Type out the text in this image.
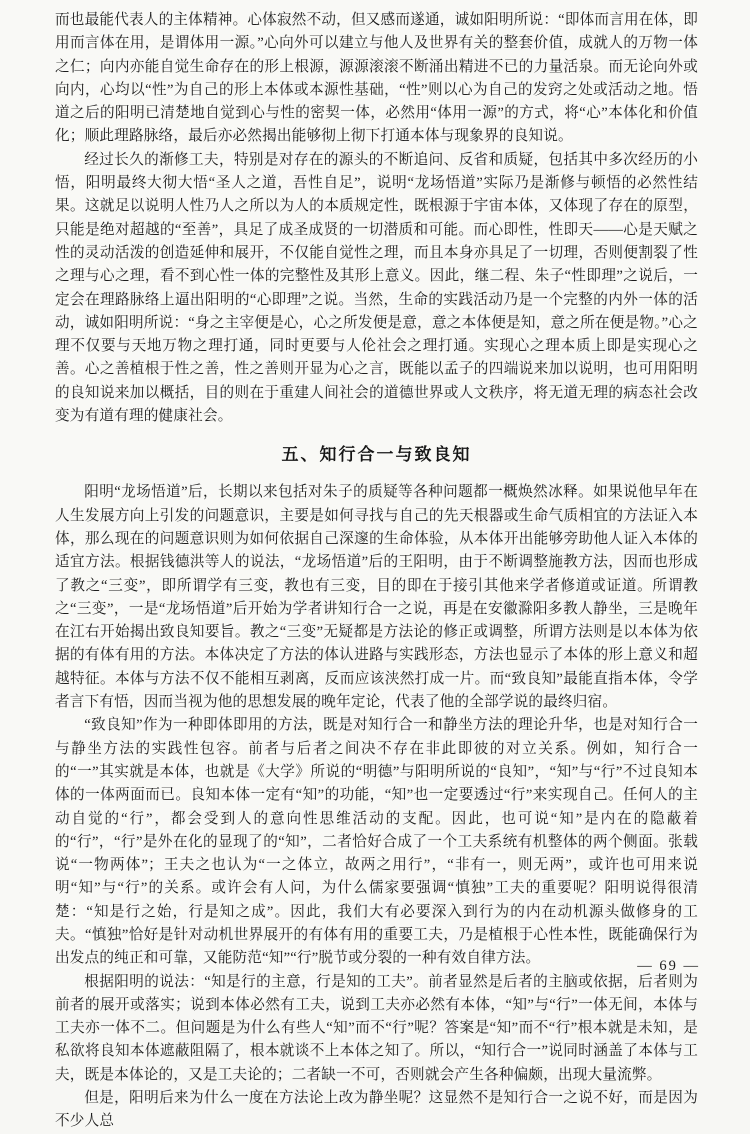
而也最能代表人的主体精神。心体寂然不动，但又感而遂通，诚如阳明所说：“即体而言用在体，即用而言体在用，是谓体用一源。”心向外可以建立与他人及世界有关的整套价值，成就人的万物一体之仁；向内亦能自觉生命存在的形上根源，源源滚滚不断涌出精进不已的力量活泉。而无论向外或向内，心均以“性”为自己的形上本体或本源性基础，“性”则以心为自己的发窍之处或活动之地。悟道之后的阳明已清楚地自觉到心与性的密契一体，必然用“体用一源”的方式，将“心”本体化和价值化；顺此理路脉络，最后亦必然揭出能够彻上彻下打通本体与现象界的良知说。

经过长久的渐修工夫，特别是对存在的源头的不断追问、反省和质疑，包括其中多次经历的小悟，阳明最终大彻大悟“圣人之道，吾性自足”，说明“龙场悟道”实际乃是渐修与顿悟的必然性结果。这就足以说明人性乃人之所以为人的本质规定性，既根源于宇宙本体，又体现了存在的原型，只能是绝对超越的“至善”，具足了成圣成贤的一切潜质和可能。而心即性，性即天——心是天赋之性的灵动活泼的创造延伸和展开，不仅能自觉性之理，而且本身亦具足了一切理，否则便割裂了性之理与心之理，看不到心性一体的完整性及其形上意义。因此，继二程、朱子“性即理”之说后，一定会在理路脉络上逼出阳明的“心即理”之说。当然，生命的实践活动乃是一个完整的内外一体的活动，诚如阳明所说：“身之主宰便是心，心之所发便是意，意之本体便是知，意之所在便是物。”心之理不仅要与天地万物之理打通，同时更要与人伦社会之理打通。实现心之理本质上即是实现心之善。心之善植根于性之善，性之善则开显为心之言，既能以孟子的四端说来加以说明，也可用阳明的良知说来加以概括，目的则在于重建人间社会的道德世界或人文秩序，将无道无理的病态社会改变为有道有理的健康社会。

五、知行合一与致良知

阳明“龙场悟道”后，长期以来包括对朱子的质疑等各种问题都一概焕然冰释。如果说他早年在人生发展方向上引发的问题意识，主要是如何寻找与自己的先天根器或生命气质相宜的方法证入本体，那么现在的问题意识则为如何依据自己深邃的生命体验，从本体开出能够旁助他人证入本体的适宜方法。根据钱德洪等人的说法，“龙场悟道”后的王阳明，由于不断调整施教方法，因而也形成了教之“三变”，即所谓学有三变，教也有三变，目的即在于接引其他来学者修道或证道。所谓教之“三变”，一是“龙场悟道”后开始为学者讲知行合一之说，再是在安徽滁阳多教人静坐，三是晚年在江右开始揭出致良知要旨。教之“三变”无疑都是方法论的修正或调整，所谓方法则是以本体为依据的有体有用的方法。本体决定了方法的体认进路与实践形态，方法也显示了本体的形上意义和超越特征。本体与方法不仅不能相互剥离，反而应该浃然打成一片。而“致良知”最能直指本体，令学者言下有悟，因而当视为他的思想发展的晚年定论，代表了他的全部学说的最终归宿。

“致良知”作为一种即体即用的方法，既是对知行合一和静坐方法的理论升华，也是对知行合一与静坐方法的实践性包容。前者与后者之间决不存在非此即彼的对立关系。例如，知行合一的“一”其实就是本体，也就是《大学》所说的“明德”与阳明所说的“良知”，“知”与“行”不过良知本体的一体两面而已。良知本体一定有“知”的功能，“知”也一定要透过“行”来实现自己。任何人的主动自觉的“行”，都会受到人的意向性思维活动的支配。因此，也可说“知”是内在的隐蔽着的“行”，“行”是外在化的显现了的“知”，二者恰好合成了一个工夫系统有机整体的两个侧面。张载说“一物两体”；王夫之也认为“一之体立，故两之用行”，“非有一，则无两”，或许也可用来说明“知”与“行”的关系。或许会有人问，为什么儒家要强调“慎独”工夫的重要呢？阳明说得很清楚：“知是行之始，行是知之成”。因此，我们大有必要深入到行为的内在动机源头做修身的工夫。“慎独”恰好是针对动机世界展开的有体有用的重要工夫，乃是植根于心性本性，既能确保行为出发点的纯正和可靠，又能防范“知”“行”脱节或分裂的一种有效自律方法。

根据阳明的说法：“知是行的主意，行是知的工夫”。前者显然是后者的主脑或依据，后者则为前者的展开或落实；说到本体必然有工夫，说到工夫亦必然有本体，“知”与“行”一体无间，本体与工夫亦一体不二。但问题是为什么有些人“知”而不“行”呢？答案是“知”而不“行”根本就是未知，是私欲将良知本体遮蔽阻隔了，根本就谈不上本体之知了。所以，“知行合一”说同时涵盖了本体与工夫，既是本体论的，又是工夫论的；二者缺一不可，否则就会产生各种偏颇，出现大量流弊。

但是，阳明后来为什么一度在方法论上改为静坐呢？这显然不是知行合一之说不好，而是因为不少人总

— 69 —
